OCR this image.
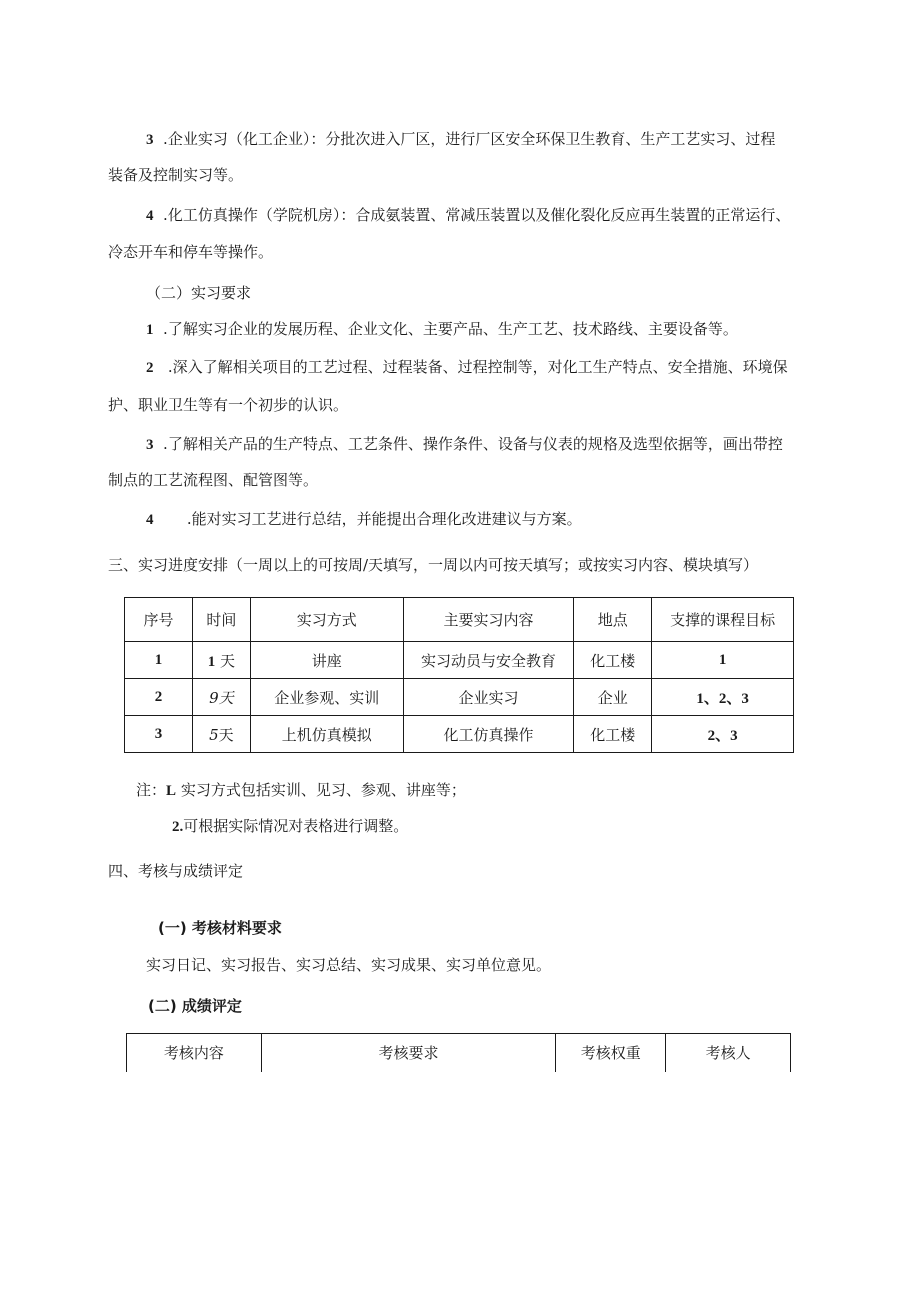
3 .企业实习（化工企业）：分批次进入厂区，进行厂区安全环保卫生教育、生产工艺实习、过程
装备及控制实习等。
4 .化工仿真操作（学院机房）：合成氨装置、常减压装置以及催化裂化反应再生装置的正常运行、
冷态开车和停车等操作。
（二）实习要求
1 .了解实习企业的发展历程、企业文化、主要产品、生产工艺、技术路线、主要设备等。
2 .深入了解相关项目的工艺过程、过程装备、过程控制等，对化工生产特点、安全措施、环境保
护、职业卫生等有一个初步的认识。
3 .了解相关产品的生产特点、工艺条件、操作条件、设备与仪表的规格及选型依据等，画出带控
制点的工艺流程图、配管图等。
4 .能对实习工艺进行总结，并能提出合理化改进建议与方案。
三、实习进度安排（一周以上的可按周/天填写，一周以内可按天填写；或按实习内容、模块填写）
序号	时间	实习方式	主要实习内容	地点	支撑的课程目标
1	1 天	讲座	实习动员与安全教育	化工楼	1
2	9天	企业参观、实训	企业实习	企业	1、2、3
3	5天	上机仿真模拟	化工仿真操作	化工楼	2、3
注：L 实习方式包括实训、见习、参观、讲座等；
2.可根据实际情况对表格进行调整。
四、考核与成绩评定
(一) 考核材料要求
实习日记、实习报告、实习总结、实习成果、实习单位意见。
(二) 成绩评定
考核内容	考核要求	考核权重	考核人
